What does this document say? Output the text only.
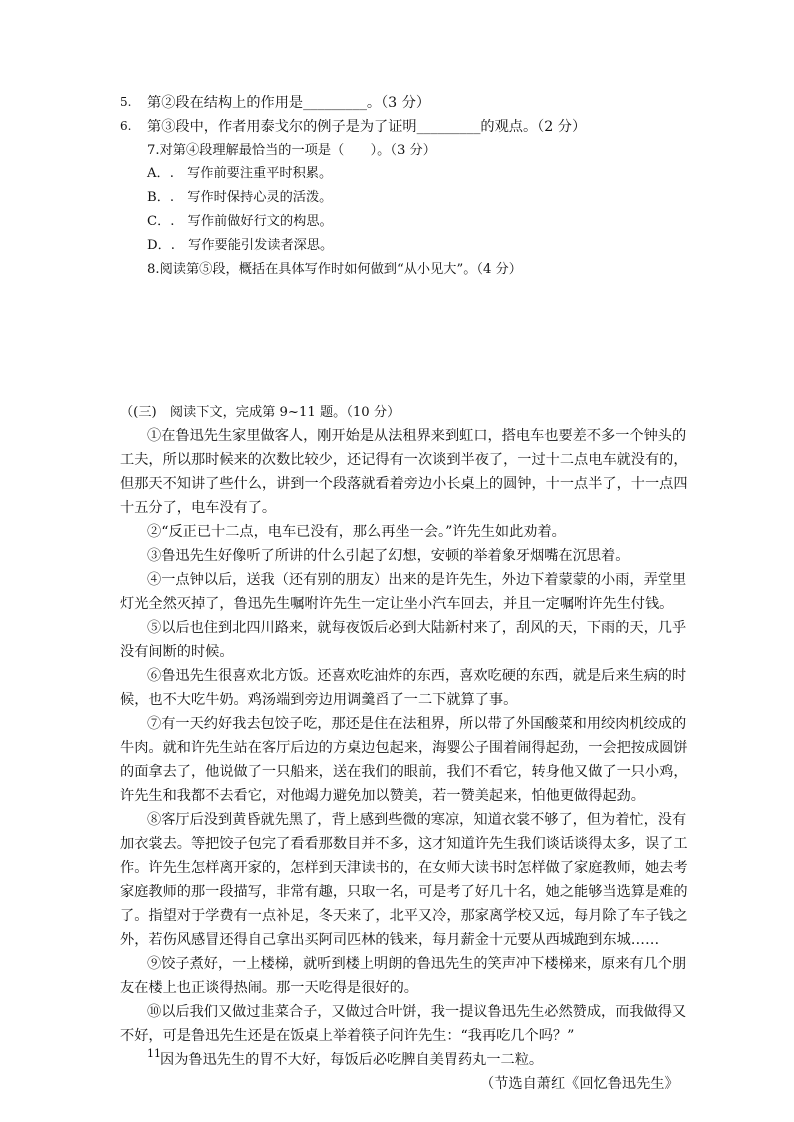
5. 第②段在结构上的作用是_________。（3 分）
6. 第③段中，作者用泰戈尔的例子是为了证明_________的观点。（2 分）
7.对第④段理解最恰当的一项是（　　）。（3 分）
A．.　写作前要注重平时积累。
B．.　写作时保持心灵的活泼。
C．.　写作前做好行文的构思。
D．.　写作要能引发读者深思。
8.阅读第⑤段，概括在具体写作时如何做到“从小见大”。（4 分）
（(三)　阅读下文，完成第 9~11 题。（10 分）
①在鲁迅先生家里做客人，刚开始是从法租界来到虹口，搭电车也要差不多一个钟头的
工夫，所以那时候来的次数比较少，还记得有一次谈到半夜了，一过十二点电车就没有的，
但那天不知讲了些什么，讲到一个段落就看着旁边小长桌上的圆钟，十一点半了，十一点四
十五分了，电车没有了。
②“反正已十二点，电车已没有，那么再坐一会。”许先生如此劝着。
③鲁迅先生好像听了所讲的什么引起了幻想，安顿的举着象牙烟嘴在沉思着。
④一点钟以后，送我（还有别的朋友）出来的是许先生，外边下着蒙蒙的小雨，弄堂里
灯光全然灭掉了，鲁迅先生嘱咐许先生一定让坐小汽车回去，并且一定嘱咐许先生付钱。
⑤以后也住到北四川路来，就每夜饭后必到大陆新村来了，刮风的天，下雨的天，几乎
没有间断的时候。
⑥鲁迅先生很喜欢北方饭。还喜欢吃油炸的东西，喜欢吃硬的东西，就是后来生病的时
候，也不大吃牛奶。鸡汤端到旁边用调羹舀了一二下就算了事。
⑦有一天约好我去包饺子吃，那还是住在法租界，所以带了外国酸菜和用绞肉机绞成的
牛肉。就和许先生站在客厅后边的方桌边包起来，海婴公子围着闹得起劲，一会把按成圆饼
的面拿去了，他说做了一只船来，送在我们的眼前，我们不看它，转身他又做了一只小鸡，
许先生和我都不去看它，对他竭力避免加以赞美，若一赞美起来，怕他更做得起劲。
⑧客厅后没到黄昏就先黑了，背上感到些微的寒凉，知道衣裳不够了，但为着忙，没有
加衣裳去。等把饺子包完了看看那数目并不多，这才知道许先生我们谈话谈得太多，误了工
作。许先生怎样离开家的，怎样到天津读书的，在女师大读书时怎样做了家庭教师，她去考
家庭教师的那一段描写，非常有趣，只取一名，可是考了好几十名，她之能够当选算是难的
了。指望对于学费有一点补足，冬天来了，北平又冷，那家离学校又远，每月除了车子钱之
外，若伤风感冒还得自己拿出买阿司匹林的钱来，每月薪金十元要从西城跑到东城……
⑨饺子煮好，一上楼梯，就听到楼上明朗的鲁迅先生的笑声冲下楼梯来，原来有几个朋
友在楼上也正谈得热闹。那一天吃得是很好的。
⑩以后我们又做过韭菜合子，又做过合叶饼，我一提议鲁迅先生必然赞成，而我做得又
不好，可是鲁迅先生还是在饭桌上举着筷子问许先生：“我再吃几个吗？”
11 因为鲁迅先生的胃不大好，每饭后必吃脾自美胃药丸一二粒。
（节选自萧红《回忆鲁迅先生》
